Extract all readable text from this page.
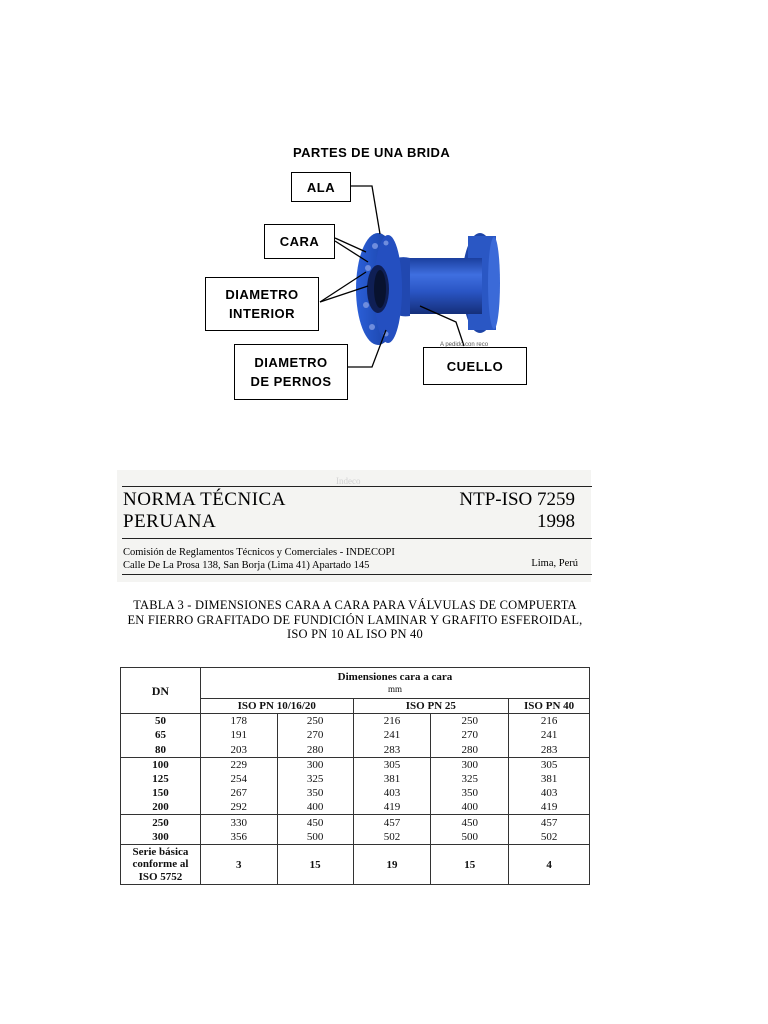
PARTES DE UNA BRIDA
ALA
CARA
DIAMETRO
INTERIOR
DIAMETRO
DE PERNOS
CUELLO
A pedido con reco
Indeco
NORMA TÉCNICA
PERUANA
NTP-ISO 7259
1998
Comisión de Reglamentos Técnicos y Comerciales - INDECOPI
Calle De La Prosa 138, San Borja (Lima 41) Apartado 145	Lima, Perú
TABLA 3 - DIMENSIONES CARA A CARA PARA VÁLVULAS DE COMPUERTA
EN FIERRO GRAFITADO DE FUNDICIÓN LAMINAR Y GRAFITO ESFEROIDAL,
ISO PN 10 AL ISO PN 40
DN	Dimensiones cara a cara
mm				

	ISO PN 10/16/20		ISO PN 25		ISO PN 40
50	178	250	216	250	216
65	191	270	241	270	241
80	203	280	283	280	283
100	229	300	305	300	305
125	254	325	381	325	381
150	267	350	403	350	403
200	292	400	419	400	419
250	330	450	457	450	457
300	356	500	502	500	502

Serie básica
conforme al
ISO 5752	3	15	19	15	4
